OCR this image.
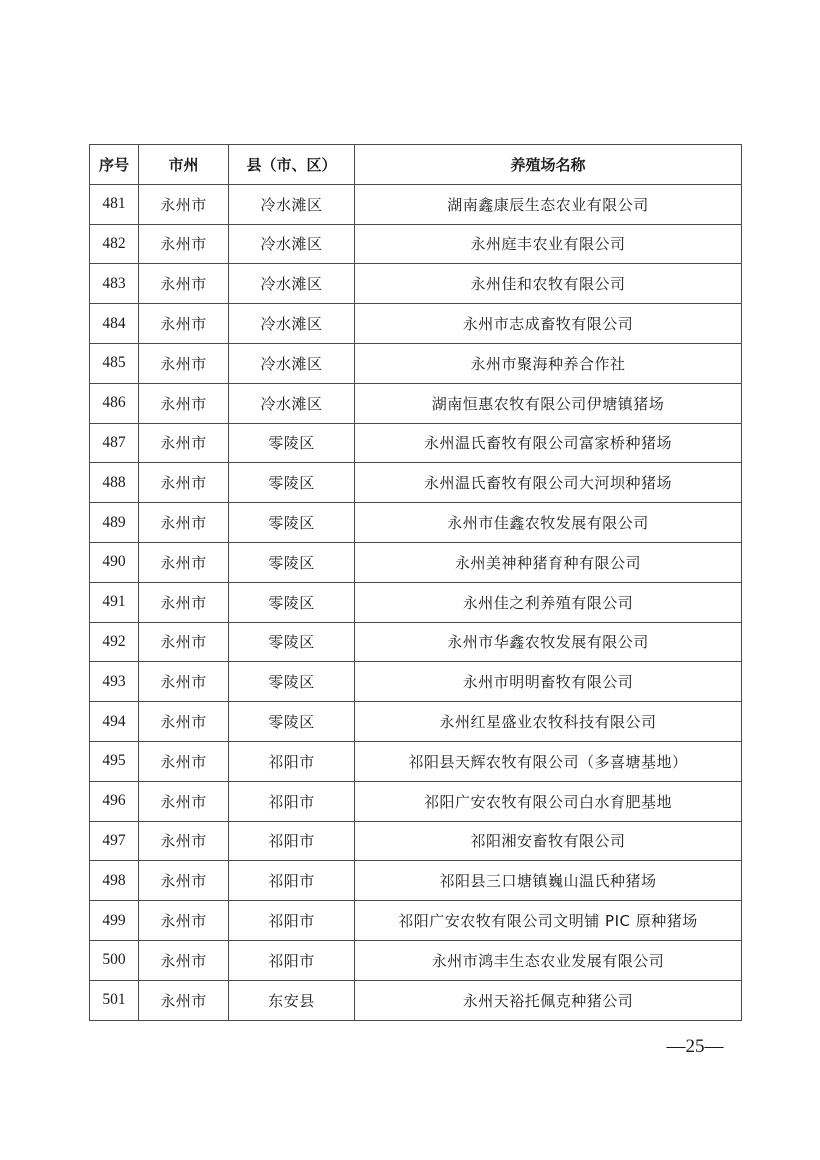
序号	市州	县（市、区）	养殖场名称
481	永州市	冷水滩区	湖南鑫康辰生态农业有限公司
482	永州市	冷水滩区	永州庭丰农业有限公司
483	永州市	冷水滩区	永州佳和农牧有限公司
484	永州市	冷水滩区	永州市志成畜牧有限公司
485	永州市	冷水滩区	永州市聚海种养合作社
486	永州市	冷水滩区	湖南恒惠农牧有限公司伊塘镇猪场
487	永州市	零陵区	永州温氏畜牧有限公司富家桥种猪场
488	永州市	零陵区	永州温氏畜牧有限公司大河坝种猪场
489	永州市	零陵区	永州市佳鑫农牧发展有限公司
490	永州市	零陵区	永州美神种猪育种有限公司
491	永州市	零陵区	永州佳之利养殖有限公司
492	永州市	零陵区	永州市华鑫农牧发展有限公司
493	永州市	零陵区	永州市明明畜牧有限公司
494	永州市	零陵区	永州红星盛业农牧科技有限公司
495	永州市	祁阳市	祁阳县天辉农牧有限公司（多喜塘基地）
496	永州市	祁阳市	祁阳广安农牧有限公司白水育肥基地
497	永州市	祁阳市	祁阳湘安畜牧有限公司
498	永州市	祁阳市	祁阳县三口塘镇巍山温氏种猪场
499	永州市	祁阳市	祁阳广安农牧有限公司文明铺 PIC 原种猪场
500	永州市	祁阳市	永州市鸿丰生态农业发展有限公司
501	永州市	东安县	永州天裕托佩克种猪公司
—25—
